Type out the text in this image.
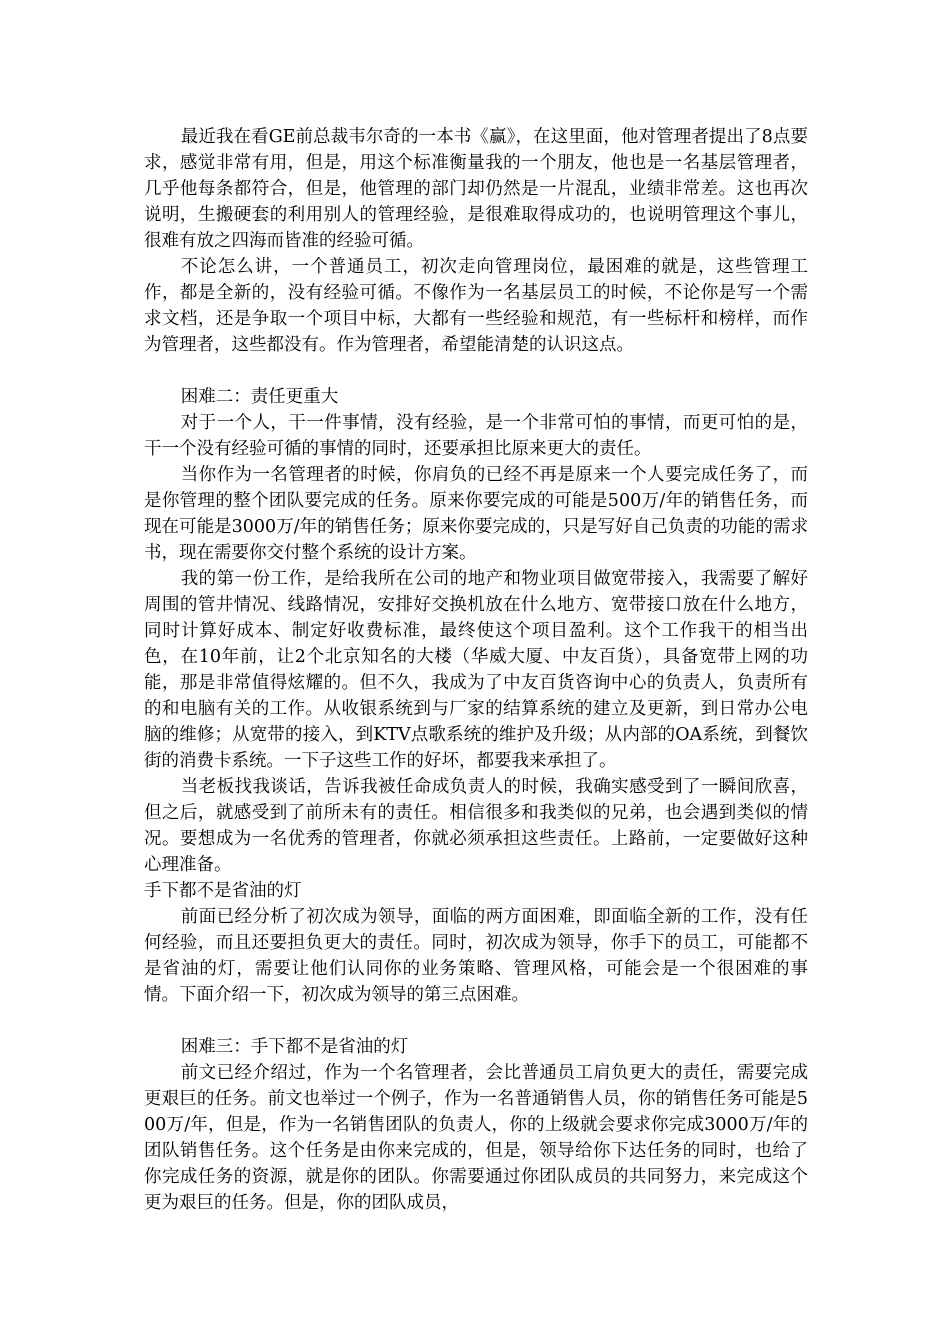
最近我在看GE前总裁韦尔奇的一本书《赢》，在这里面，他对管理者提出了8点要求，感觉非常有用，但是，用这个标准衡量我的一个朋友，他也是一名基层管理者，几乎他每条都符合，但是，他管理的部门却仍然是一片混乱，业绩非常差。这也再次说明，生搬硬套的利用别人的管理经验，是很难取得成功的，也说明管理这个事儿，很难有放之四海而皆准的经验可循。

不论怎么讲，一个普通员工，初次走向管理岗位，最困难的就是，这些管理工作，都是全新的，没有经验可循。不像作为一名基层员工的时候，不论你是写一个需求文档，还是争取一个项目中标，大都有一些经验和规范，有一些标杆和榜样，而作为管理者，这些都没有。作为管理者，希望能清楚的认识这点。

困难二：责任更重大

对于一个人，干一件事情，没有经验，是一个非常可怕的事情，而更可怕的是，干一个没有经验可循的事情的同时，还要承担比原来更大的责任。

当你作为一名管理者的时候，你肩负的已经不再是原来一个人要完成任务了，而是你管理的整个团队要完成的任务。原来你要完成的可能是500万/年的销售任务，而现在可能是3000万/年的销售任务；原来你要完成的，只是写好自己负责的功能的需求书，现在需要你交付整个系统的设计方案。

我的第一份工作，是给我所在公司的地产和物业项目做宽带接入，我需要了解好周围的管井情况、线路情况，安排好交换机放在什么地方、宽带接口放在什么地方，同时计算好成本、制定好收费标准，最终使这个项目盈利。这个工作我干的相当出色，在10年前，让2个北京知名的大楼（华威大厦、中友百货），具备宽带上网的功能，那是非常值得炫耀的。但不久，我成为了中友百货咨询中心的负责人，负责所有的和电脑有关的工作。从收银系统到与厂家的结算系统的建立及更新，到日常办公电脑的维修；从宽带的接入，到KTV点歌系统的维护及升级；从内部的OA系统，到餐饮街的消费卡系统。一下子这些工作的好坏，都要我来承担了。

当老板找我谈话，告诉我被任命成负责人的时候，我确实感受到了一瞬间欣喜，但之后，就感受到了前所未有的责任。相信很多和我类似的兄弟，也会遇到类似的情况。要想成为一名优秀的管理者，你就必须承担这些责任。上路前，一定要做好这种心理准备。

手下都不是省油的灯

前面已经分析了初次成为领导，面临的两方面困难，即面临全新的工作，没有任何经验，而且还要担负更大的责任。同时，初次成为领导，你手下的员工，可能都不是省油的灯，需要让他们认同你的业务策略、管理风格，可能会是一个很困难的事情。下面介绍一下，初次成为领导的第三点困难。

困难三：手下都不是省油的灯

前文已经介绍过，作为一个名管理者，会比普通员工肩负更大的责任，需要完成更艰巨的任务。前文也举过一个例子，作为一名普通销售人员，你的销售任务可能是500万/年，但是，作为一名销售团队的负责人，你的上级就会要求你完成3000万/年的团队销售任务。这个任务是由你来完成的，但是，领导给你下达任务的同时，也给了你完成任务的资源，就是你的团队。你需要通过你团队成员的共同努力，来完成这个更为艰巨的任务。但是，你的团队成员，
